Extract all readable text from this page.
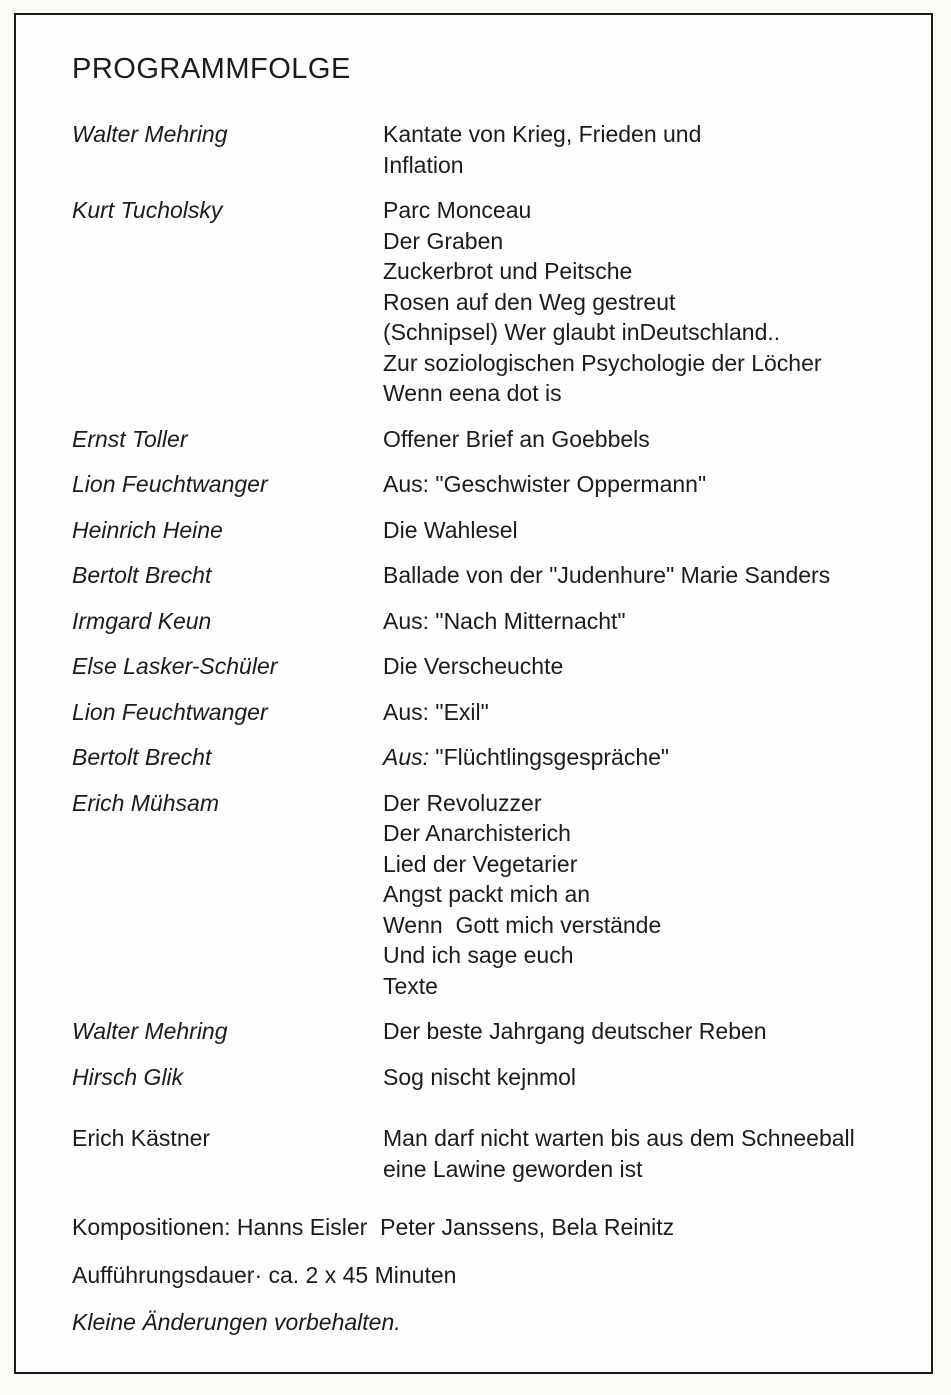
PROGRAMMFOLGE
Walter Mehring	Kantate von Krieg, Frieden und
Inflation
Kurt Tucholsky	Parc Monceau
Der Graben
Zuckerbrot und Peitsche
Rosen auf den Weg gestreut
(Schnipsel) Wer glaubt inDeutschland..
Zur soziologischen Psychologie der Löcher
Wenn eena dot is
Ernst Toller	Offener Brief an Goebbels
Lion Feuchtwanger	Aus: "Geschwister Oppermann"
Heinrich Heine	Die Wahlesel
Bertolt Brecht	Ballade von der "Judenhure" Marie Sanders
Irmgard Keun	Aus: "Nach Mitternacht"
Else Lasker-Schüler	Die Verscheuchte
Lion Feuchtwanger	Aus: "Exil"
Bertolt Brecht	Aus: "Flüchtlingsgespräche"
Erich Mühsam	Der Revoluzzer
Der Anarchisterich
Lied der Vegetarier
Angst packt mich an
Wenn  Gott mich verstände
Und ich sage euch
Texte
Walter Mehring	Der beste Jahrgang deutscher Reben
Hirsch Glik	Sog nischt kejnmol
Erich Kästner	Man darf nicht warten bis aus dem Schneeball
eine Lawine geworden ist
Kompositionen: Hanns Eisler  Peter Janssens, Bela Reinitz
Aufführungsdauer· ca. 2 x 45 Minuten
Kleine Änderungen vorbehalten.
